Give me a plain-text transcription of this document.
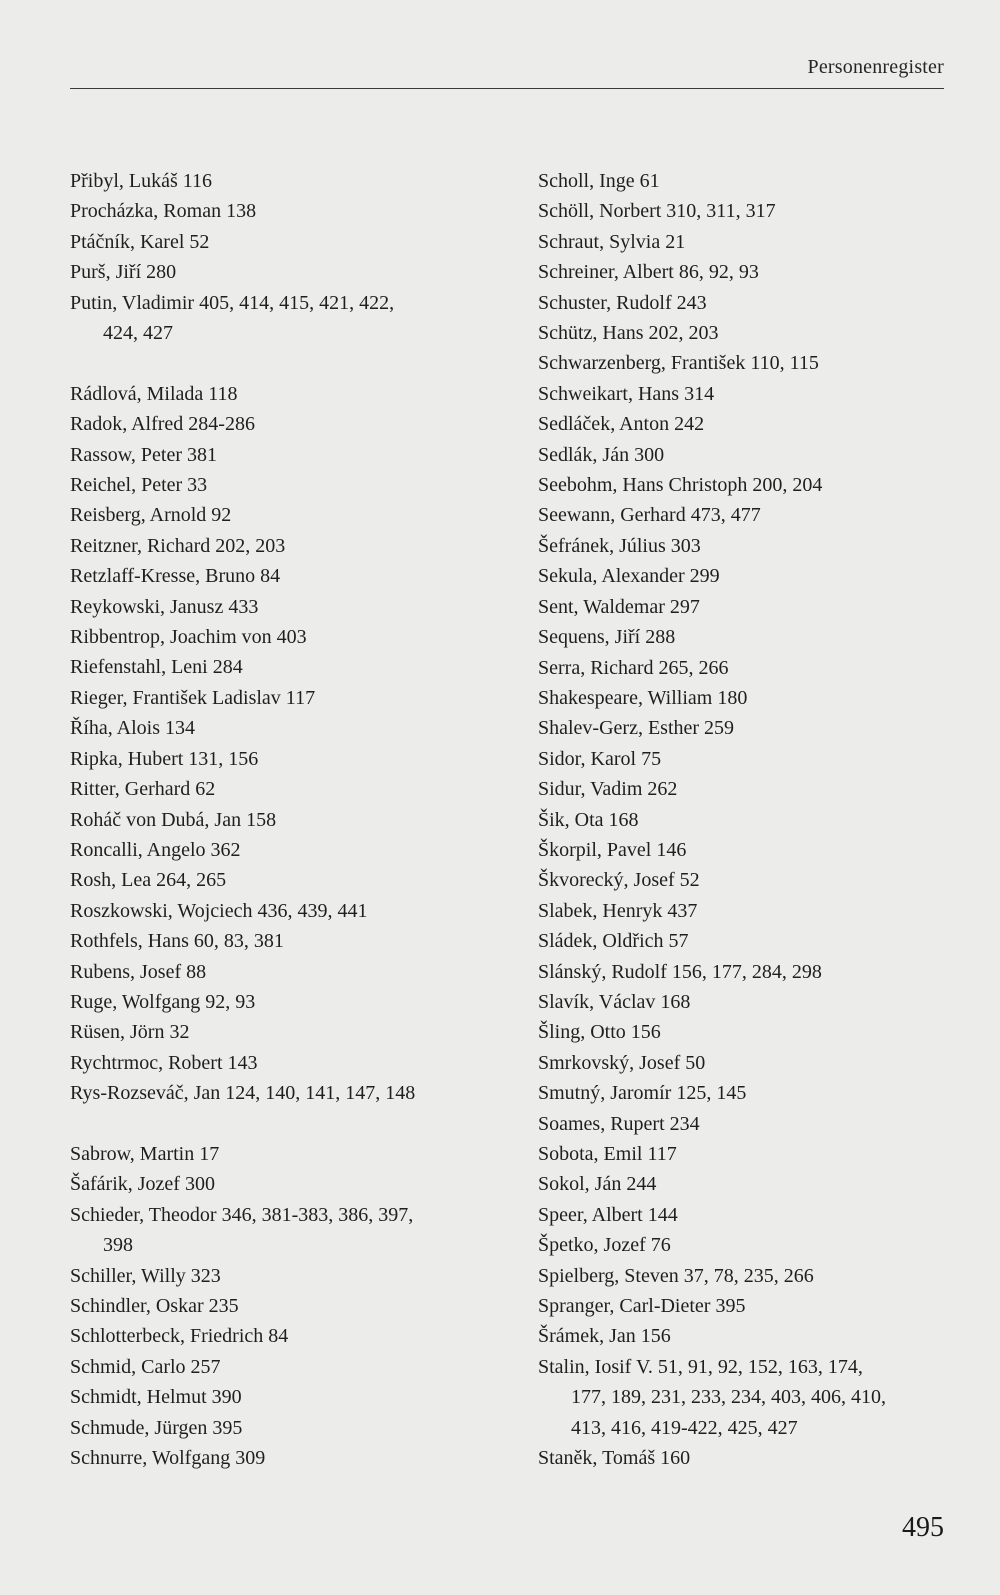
Personenregister
Přibyl, Lukáš 116
Procházka, Roman 138
Ptáčník, Karel 52
Purš, Jiří 280
Putin, Vladimir 405, 414, 415, 421, 422,
424, 427
Rádlová, Milada 118
Radok, Alfred 284-286
Rassow, Peter 381
Reichel, Peter 33
Reisberg, Arnold 92
Reitzner, Richard 202, 203
Retzlaff-Kresse, Bruno 84
Reykowski, Janusz 433
Ribbentrop, Joachim von 403
Riefenstahl, Leni 284
Rieger, František Ladislav 117
Říha, Alois 134
Ripka, Hubert 131, 156
Ritter, Gerhard 62
Roháč von Dubá, Jan 158
Roncalli, Angelo 362
Rosh, Lea 264, 265
Roszkowski, Wojciech 436, 439, 441
Rothfels, Hans 60, 83, 381
Rubens, Josef 88
Ruge, Wolfgang 92, 93
Rüsen, Jörn 32
Rychtrmoc, Robert 143
Rys-Rozseváč, Jan 124, 140, 141, 147, 148
Sabrow, Martin 17
Šafárik, Jozef 300
Schieder, Theodor 346, 381-383, 386, 397,
398
Schiller, Willy 323
Schindler, Oskar 235
Schlotterbeck, Friedrich 84
Schmid, Carlo 257
Schmidt, Helmut 390
Schmude, Jürgen 395
Schnurre, Wolfgang 309
Scholl, Inge 61
Schöll, Norbert 310, 311, 317
Schraut, Sylvia 21
Schreiner, Albert 86, 92, 93
Schuster, Rudolf 243
Schütz, Hans 202, 203
Schwarzenberg, František 110, 115
Schweikart, Hans 314
Sedláček, Anton 242
Sedlák, Ján 300
Seebohm, Hans Christoph 200, 204
Seewann, Gerhard 473, 477
Šefránek, Július 303
Sekula, Alexander 299
Sent, Waldemar 297
Sequens, Jiří 288
Serra, Richard 265, 266
Shakespeare, William 180
Shalev-Gerz, Esther 259
Sidor, Karol 75
Sidur, Vadim 262
Šik, Ota 168
Škorpil, Pavel 146
Škvorecký, Josef 52
Slabek, Henryk 437
Sládek, Oldřich 57
Slánský, Rudolf 156, 177, 284, 298
Slavík, Václav 168
Šling, Otto 156
Smrkovský, Josef 50
Smutný, Jaromír 125, 145
Soames, Rupert 234
Sobota, Emil 117
Sokol, Ján 244
Speer, Albert 144
Špetko, Jozef 76
Spielberg, Steven 37, 78, 235, 266
Spranger, Carl-Dieter 395
Šrámek, Jan 156
Stalin, Iosif V. 51, 91, 92, 152, 163, 174,
177, 189, 231, 233, 234, 403, 406, 410,
413, 416, 419-422, 425, 427
Staněk, Tomáš 160
495
